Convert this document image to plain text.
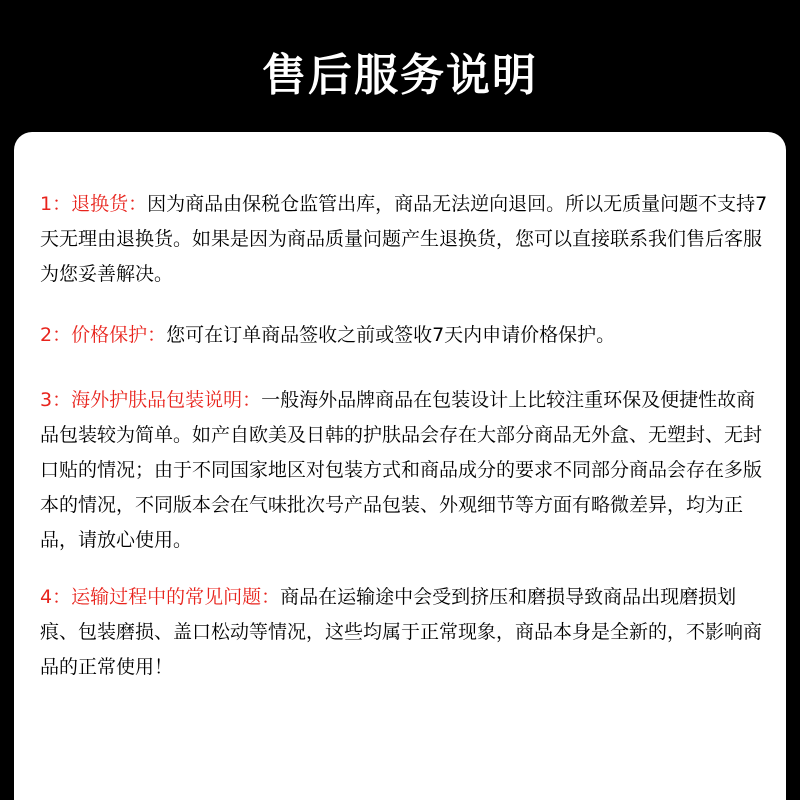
售后服务说明

1：退换货：因为商品由保税仓监管出库，商品无法逆向退回。所以无质量问题不支持7天无理由退换货。如果是因为商品质量问题产生退换货，您可以直接联系我们售后客服为您妥善解决。

2：价格保护：您可在订单商品签收之前或签收7天内申请价格保护。

3：海外护肤品包装说明：一般海外品牌商品在包装设计上比较注重环保及便捷性故商品包装较为简单。如产自欧美及日韩的护肤品会存在大部分商品无外盒、无塑封、无封口贴的情况；由于不同国家地区对包装方式和商品成分的要求不同部分商品会存在多版本的情况，不同版本会在气味批次号产品包装、外观细节等方面有略微差异，均为正品，请放心使用。

4：运输过程中的常见问题：商品在运输途中会受到挤压和磨损导致商品出现磨损划痕、包装磨损、盖口松动等情况，这些均属于正常现象，商品本身是全新的，不影响商品的正常使用！
